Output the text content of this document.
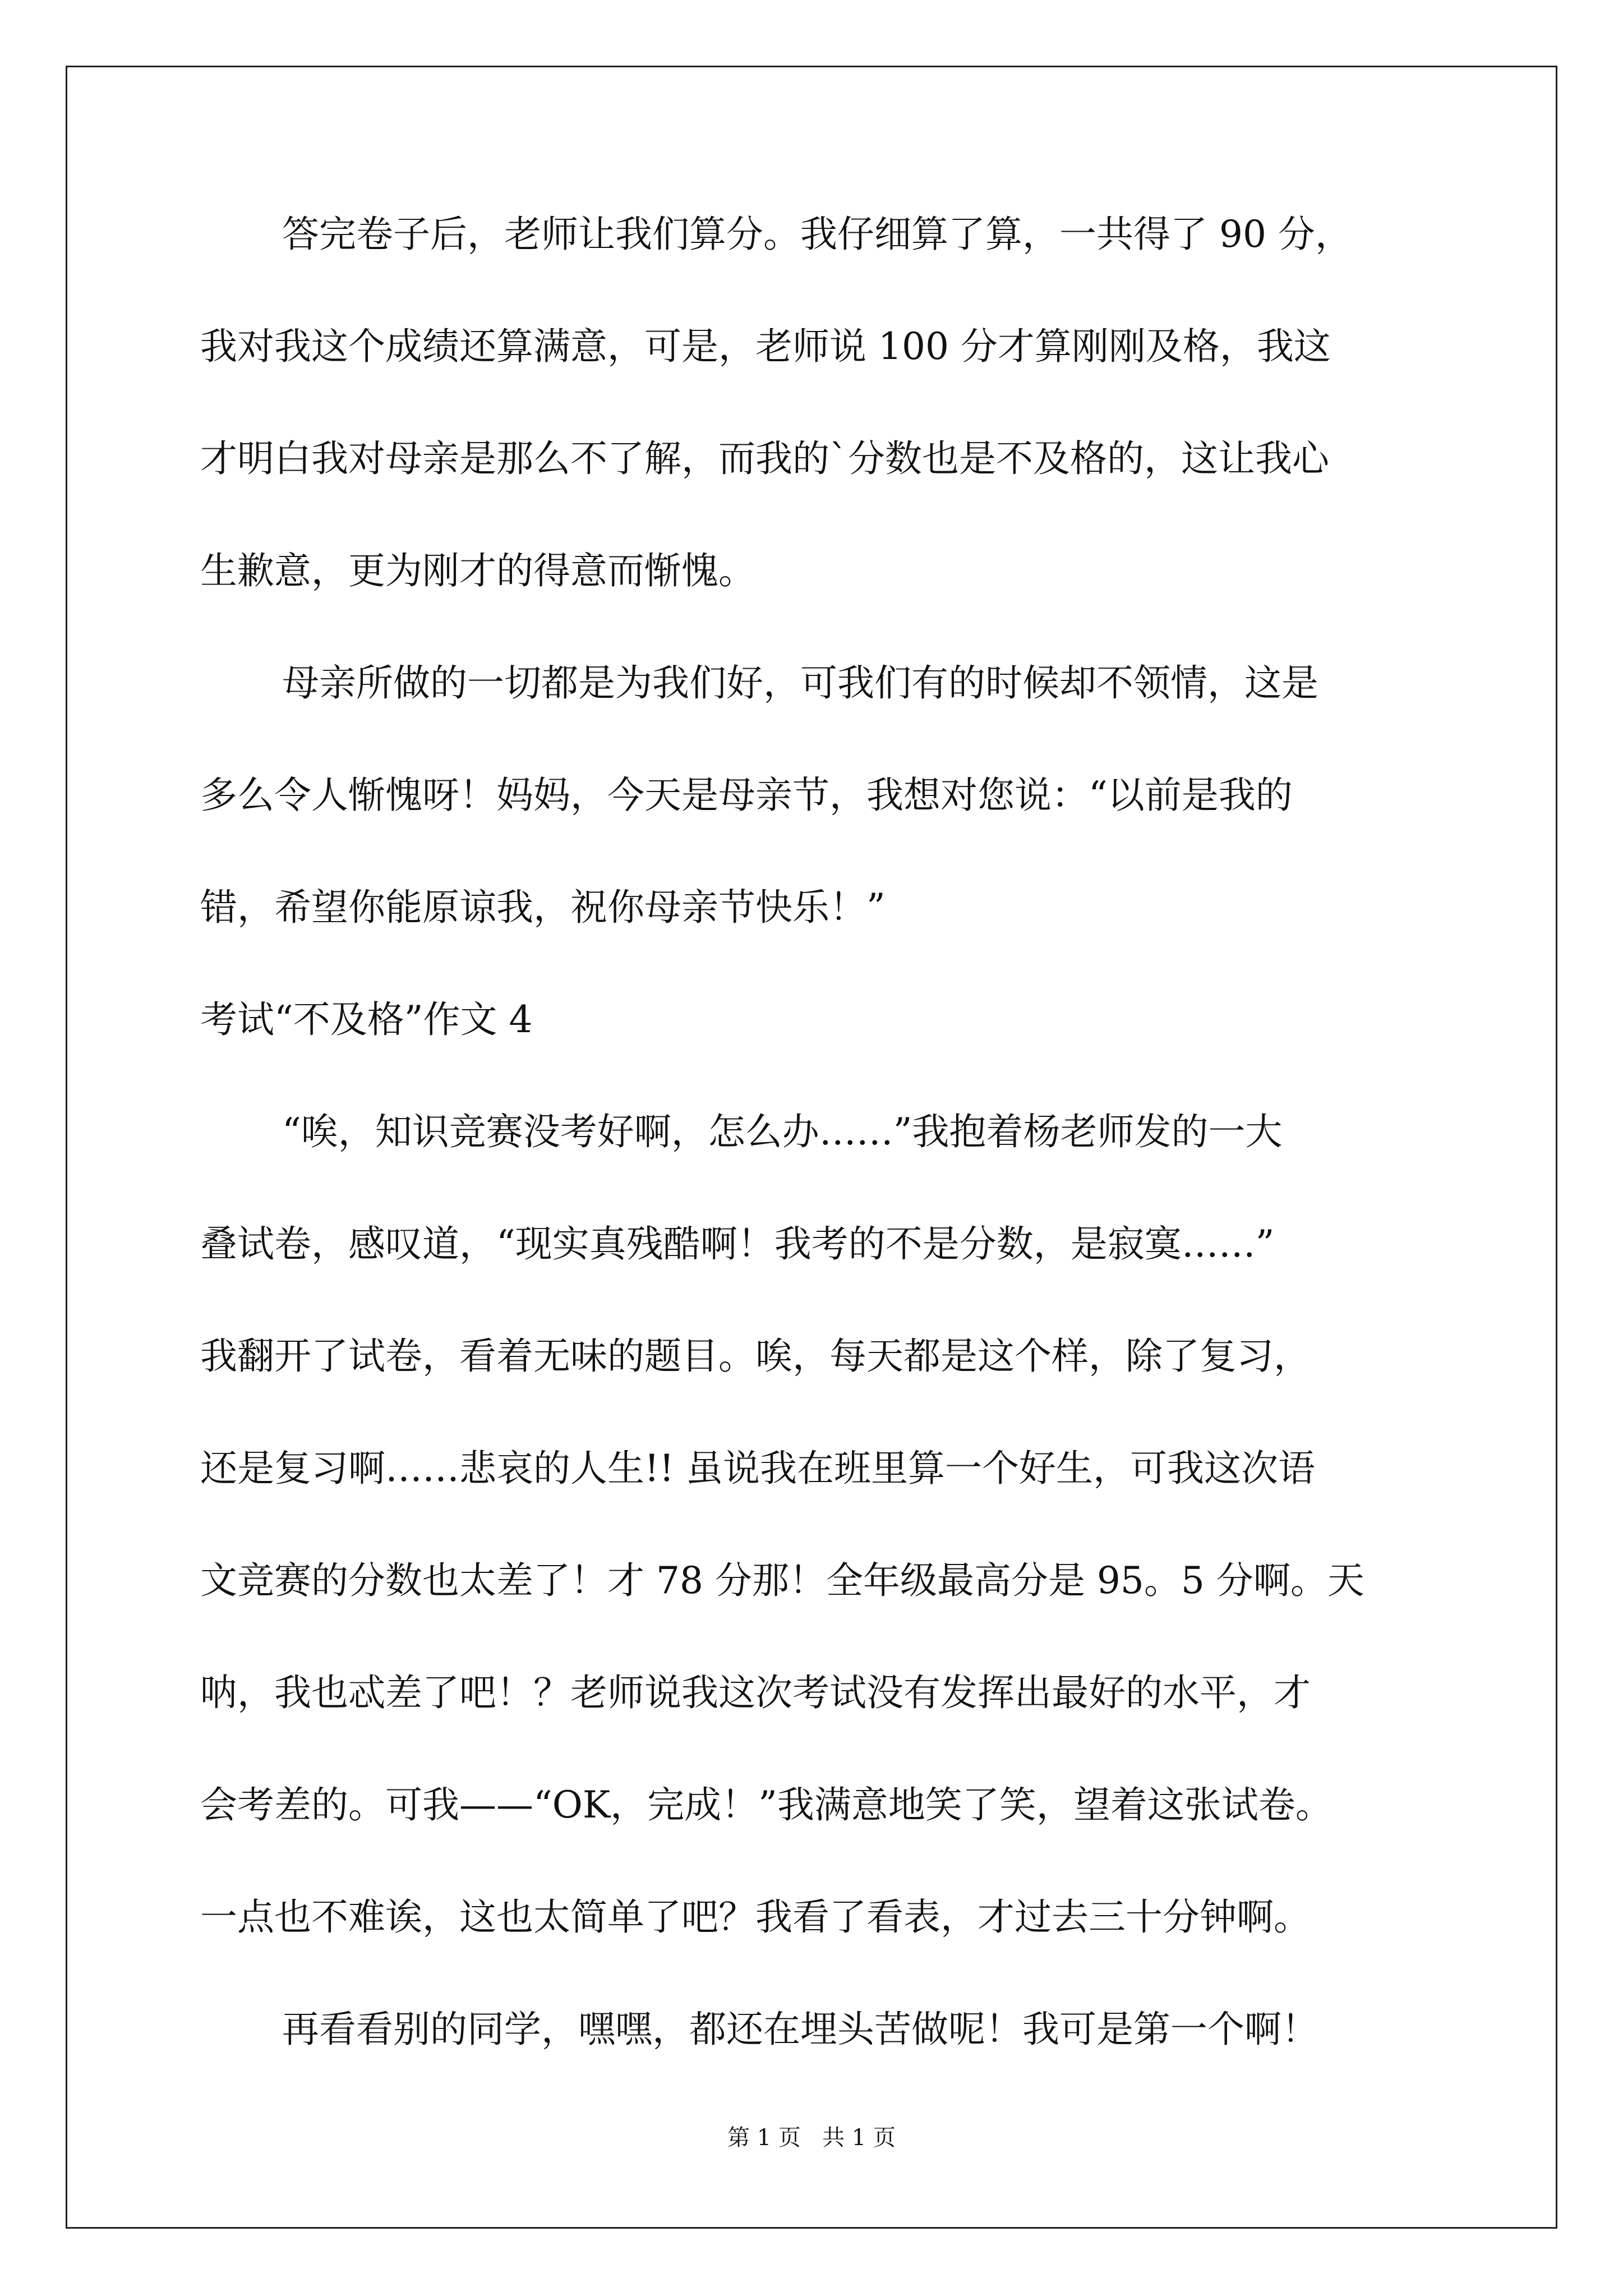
答完卷子后，老师让我们算分。我仔细算了算，一共得了 90 分，
我对我这个成绩还算满意，可是，老师说 100 分才算刚刚及格，我这
才明白我对母亲是那么不了解，而我的`分数也是不及格的，这让我心
生歉意，更为刚才的得意而惭愧。
母亲所做的一切都是为我们好，可我们有的时候却不领情，这是
多么令人惭愧呀！妈妈，今天是母亲节，我想对您说：“以前是我的
错，希望你能原谅我，祝你母亲节快乐！”
考试“不及格”作文 4
“唉，知识竞赛没考好啊，怎么办……”我抱着杨老师发的一大
叠试卷，感叹道，“现实真残酷啊！我考的不是分数，是寂寞……”
我翻开了试卷，看着无味的题目。唉，每天都是这个样，除了复习，
还是复习啊……悲哀的人生!! 虽说我在班里算一个好生，可我这次语
文竞赛的分数也太差了！才 78 分那！全年级最高分是 95。5 分啊。天
呐，我也忒差了吧！？老师说我这次考试没有发挥出最好的水平，才
会考差的。可我——“OK，完成！”我满意地笑了笑，望着这张试卷。
一点也不难诶，这也太简单了吧？我看了看表，才过去三十分钟啊。
再看看别的同学，嘿嘿，都还在埋头苦做呢！我可是第一个啊！
第 1 页   共 1 页
